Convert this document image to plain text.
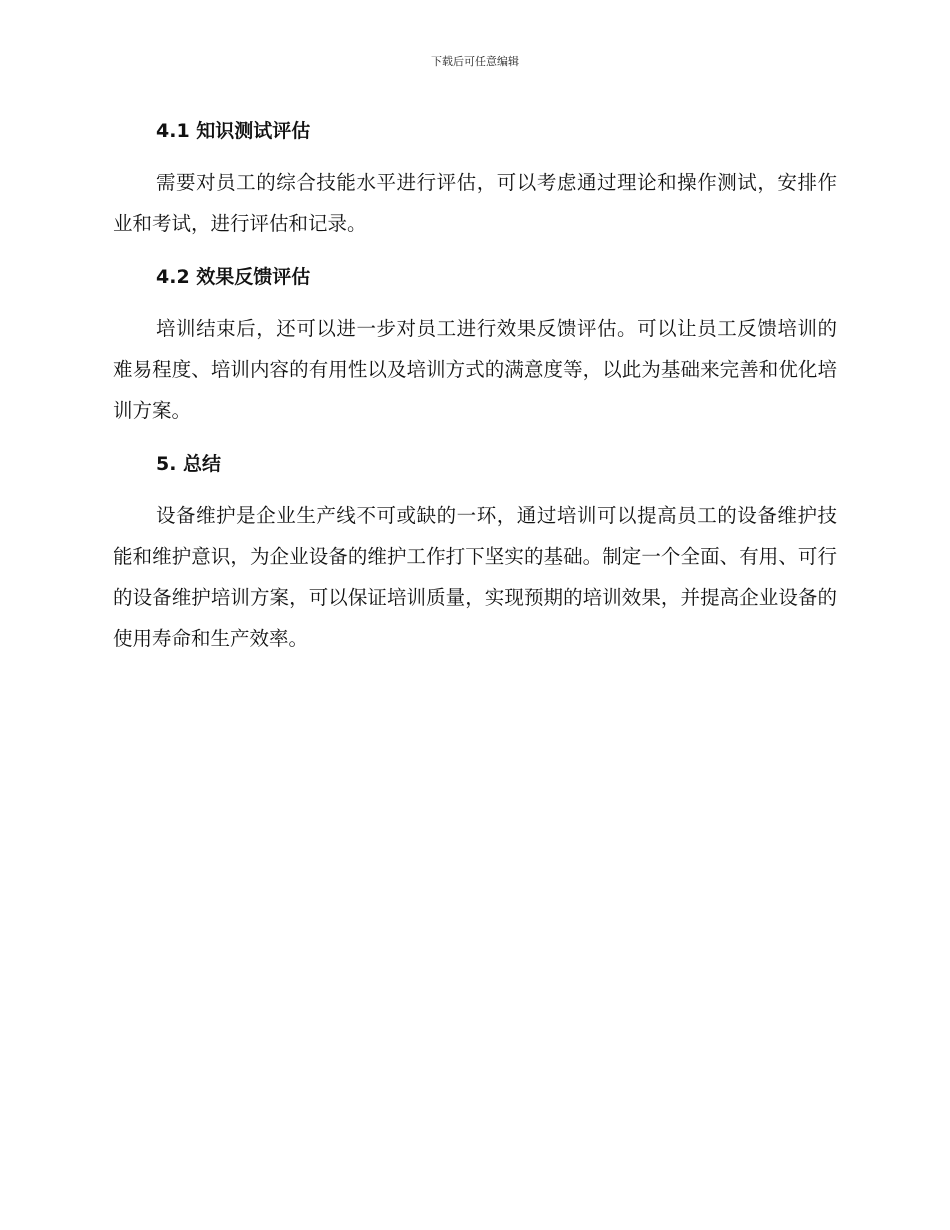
下载后可任意编辑
4.1 知识测试评估

需要对员工的综合技能水平进行评估，可以考虑通过理论和操作测试，安排作业和考试，进行评估和记录。

4.2 效果反馈评估

培训结束后，还可以进一步对员工进行效果反馈评估。可以让员工反馈培训的难易程度、培训内容的有用性以及培训方式的满意度等，以此为基础来完善和优化培训方案。

5. 总结

设备维护是企业生产线不可或缺的一环，通过培训可以提高员工的设备维护技能和维护意识，为企业设备的维护工作打下坚实的基础。制定一个全面、有用、可行的设备维护培训方案，可以保证培训质量，实现预期的培训效果，并提高企业设备的使用寿命和生产效率。
